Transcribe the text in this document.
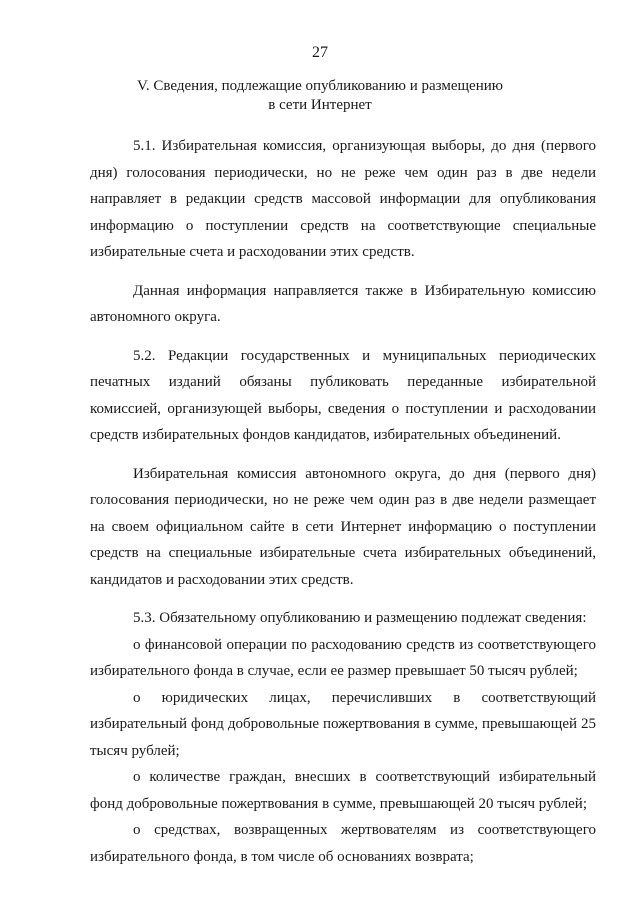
27
V. Сведения, подлежащие опубликованию и размещению
в сети Интернет

5.1. Избирательная комиссия, организующая выборы, до дня (первого дня) голосования периодически, но не реже чем один раз в две недели направляет в редакции средств массовой информации для опубликования информацию о поступлении средств на соответствующие специальные избирательные счета и расходовании этих средств.

Данная информация направляется также в Избирательную комиссию автономного округа.

5.2. Редакции государственных и муниципальных периодических печатных изданий обязаны публиковать переданные избирательной комиссией, организующей выборы, сведения о поступлении и расходовании средств избирательных фондов кандидатов, избирательных объединений.

Избирательная комиссия автономного округа, до дня (первого дня) голосования периодически, но не реже чем один раз в две недели размещает на своем официальном сайте в сети Интернет информацию о поступлении средств на специальные избирательные счета избирательных объединений, кандидатов и расходовании этих средств.

5.3. Обязательному опубликованию и размещению подлежат сведения:

о финансовой операции по расходованию средств из соответствующего избирательного фонда в случае, если ее размер превышает 50 тысяч рублей;

о юридических лицах, перечисливших в соответствующий избирательный фонд добровольные пожертвования в сумме, превышающей 25 тысяч рублей;

о количестве граждан, внесших в соответствующий избирательный фонд добровольные пожертвования в сумме, превышающей 20 тысяч рублей;

о средствах, возвращенных жертвователям из соответствующего избирательного фонда, в том числе об основаниях возврата;
